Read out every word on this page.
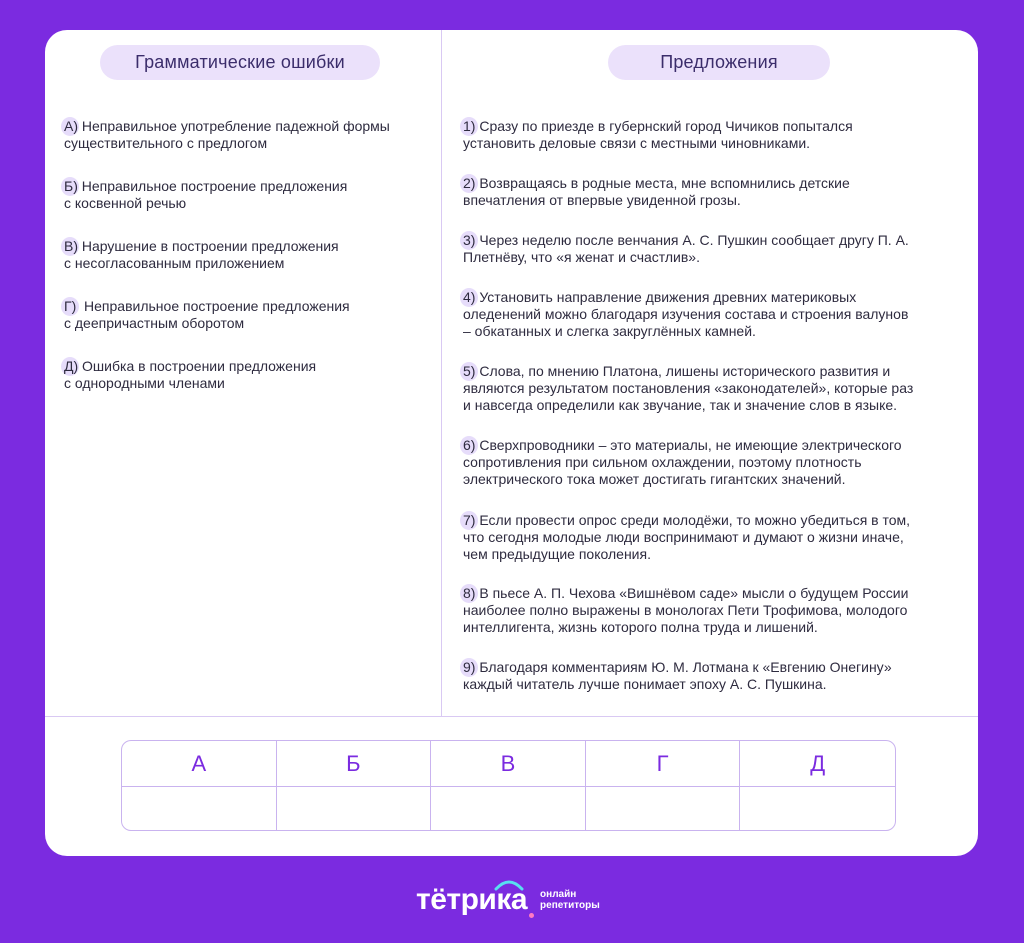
Грамматические ошибки	Предложения
А) Неправильное употребление падежной формы
существительного с предлогом
Б) Неправильное построение предложения
с косвенной речью
В) Нарушение в построении предложения
с несогласованным приложением
Г)  Неправильное построение предложения
с деепричастным оборотом
Д) Ошибка в построении предложения
с однородными членами
1) Сразу по приезде в губернский город Чичиков попытался
установить деловые связи с местными чиновниками.
2) Возвращаясь в родные места, мне вспомнились детские
впечатления от впервые увиденной грозы.
3) Через неделю после венчания А. С. Пушкин сообщает другу П. А.
Плетнёву, что «я женат и счастлив».
4) Установить направление движения древних материковых
оледенений можно благодаря изучения состава и строения валунов
– обкатанных и слегка закруглённых камней.
5) Слова, по мнению Платона, лишены исторического развития и
являются результатом постановления «законодателей», которые раз
и навсегда определили как звучание, так и значение слов в языке.
6) Сверхпроводники – это материалы, не имеющие электрического
сопротивления при сильном охлаждении, поэтому плотность
электрического тока может достигать гигантских значений.
7) Если провести опрос среди молодёжи, то можно убедиться в том,
что сегодня молодые люди воспринимают и думают о жизни иначе,
чем предыдущие поколения.
8) В пьесе А. П. Чехова «Вишнёвом саде» мысли о будущем России
наиболее полно выражены в монологах Пети Трофимова, молодого
интеллигента, жизнь которого полна труда и лишений.
9) Благодаря комментариям Ю. М. Лотмана к «Евгению Онегину»
каждый читатель лучше понимает эпоху А. С. Пушкина.
А	Б	В	Г	Д
тётрика онлайн
репетиторы
